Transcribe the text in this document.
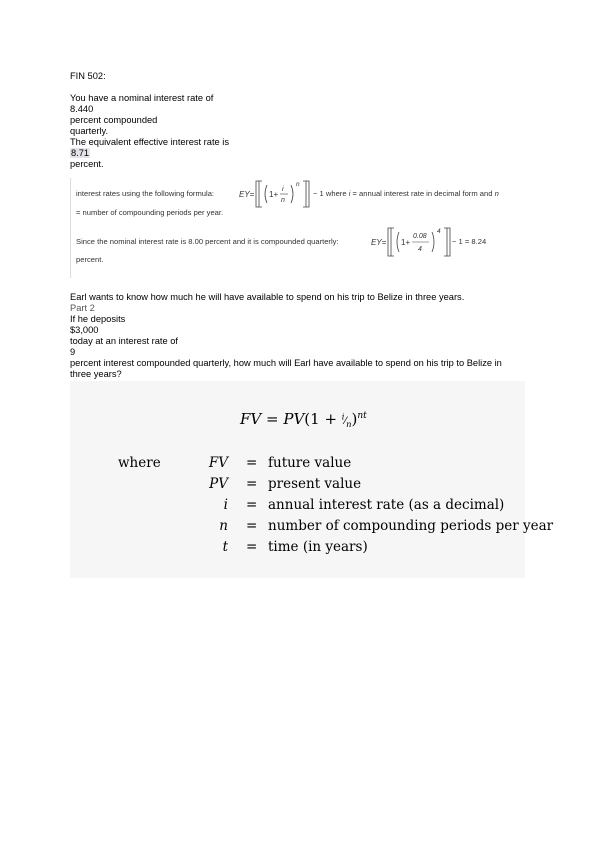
FIN 502:
You have a nominal interest rate of
8.440
percent compounded
quarterly.
The equivalent effective interest rate is
8.71
percent.
interest rates using the following formula:	EY= 1+
i
n
n
− 1 where i = annual interest rate in decimal form and n
= number of compounding periods per year.
Since the nominal interest rate is 8.00 percent and it is compounded quarterly:	EY= 1+
0.08
4
4
− 1 = 8.24
percent.
Earl wants to know how much he will have available to spend on his trip to Belize in three years.
Part 2
If he deposits
$3,000
today at an interest rate of
9
percent interest compounded quarterly, how much will Earl have available to spend on his trip to Belize in
three years?
FV = $PV(1 + ^i⁄_n)^{nt}$
where	FV = future value
PV = present value
i = annual interest rate (as a decimal)
n = number of compounding periods per year
t = time (in years)
